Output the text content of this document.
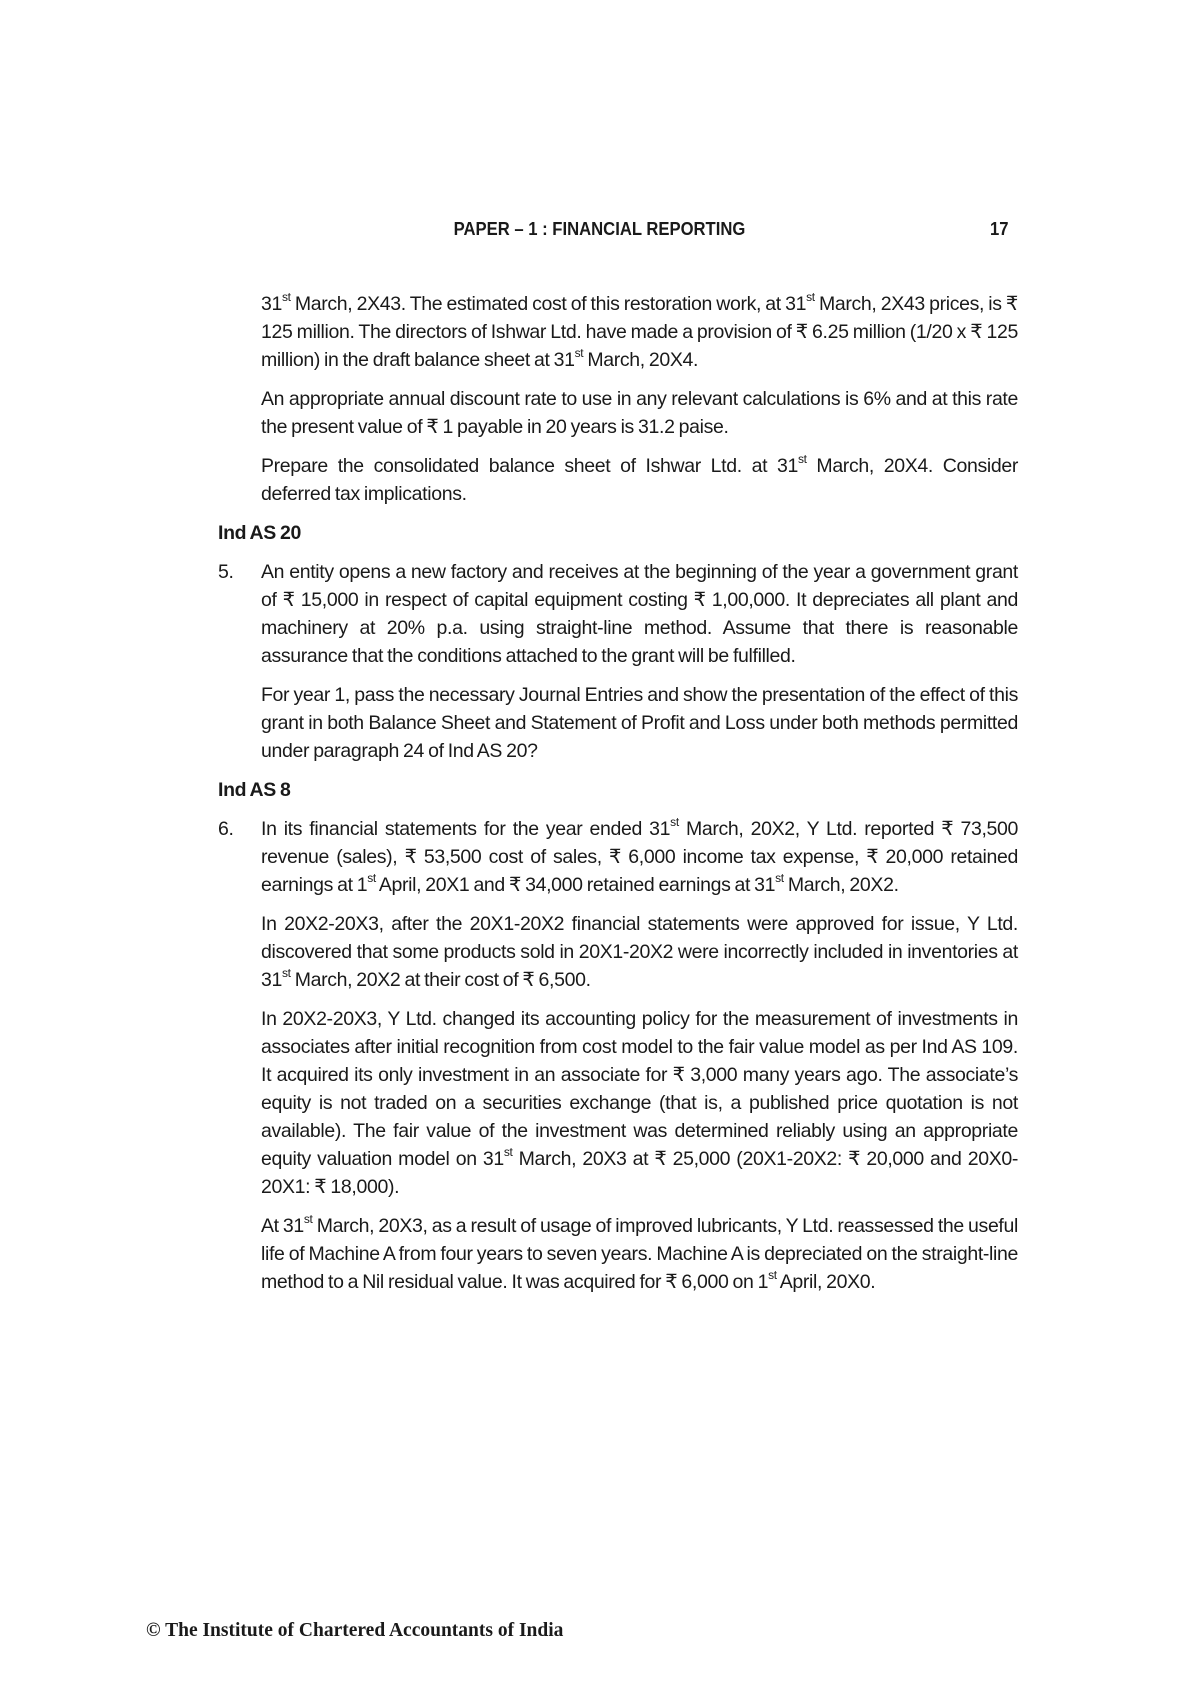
PAPER – 1 : FINANCIAL REPORTING	17

31st March, 2X43. The estimated cost of this restoration work, at 31st March, 2X43 prices, is ₹ 125 million. The directors of Ishwar Ltd. have made a provision of ₹ 6.25 million (1/20 x ₹ 125 million) in the draft balance sheet at 31st March, 20X4.

An appropriate annual discount rate to use in any relevant calculations is 6% and at this rate the present value of ₹ 1 payable in 20 years is 31.2 paise.

Prepare the consolidated balance sheet of Ishwar Ltd. at 31st March, 20X4. Consider deferred tax implications.

Ind AS 20
5.	An entity opens a new factory and receives at the beginning of the year a government grant of ₹ 15,000 in respect of capital equipment costing ₹ 1,00,000. It depreciates all plant and machinery at 20% p.a. using straight-line method. Assume that there is reasonable assurance that the conditions attached to the grant will be fulfilled.

For year 1, pass the necessary Journal Entries and show the presentation of the effect of this grant in both Balance Sheet and Statement of Profit and Loss under both methods permitted under paragraph 24 of Ind AS 20?

Ind AS 8
6.	In its financial statements for the year ended 31st March, 20X2, Y Ltd. reported ₹ 73,500 revenue (sales), ₹ 53,500 cost of sales, ₹ 6,000 income tax expense, ₹ 20,000 retained earnings at 1st April, 20X1 and ₹ 34,000 retained earnings at 31st March, 20X2.

In 20X2-20X3, after the 20X1-20X2 financial statements were approved for issue, Y Ltd. discovered that some products sold in 20X1-20X2 were incorrectly included in inventories at 31st March, 20X2 at their cost of ₹ 6,500.

In 20X2-20X3, Y Ltd. changed its accounting policy for the measurement of investments in associates after initial recognition from cost model to the fair value model as per Ind AS 109. It acquired its only investment in an associate for ₹ 3,000 many years ago. The associate’s equity is not traded on a securities exchange (that is, a published price quotation is not available). The fair value of the investment was determined reliably using an appropriate equity valuation model on 31st March, 20X3 at ₹ 25,000 (20X1-20X2: ₹ 20,000 and 20X0-20X1: ₹ 18,000).

At 31st March, 20X3, as a result of usage of improved lubricants, Y Ltd. reassessed the useful life of Machine A from four years to seven years. Machine A is depreciated on the straight-line method to a Nil residual value. It was acquired for ₹ 6,000 on 1st April, 20X0.

© The Institute of Chartered Accountants of India
